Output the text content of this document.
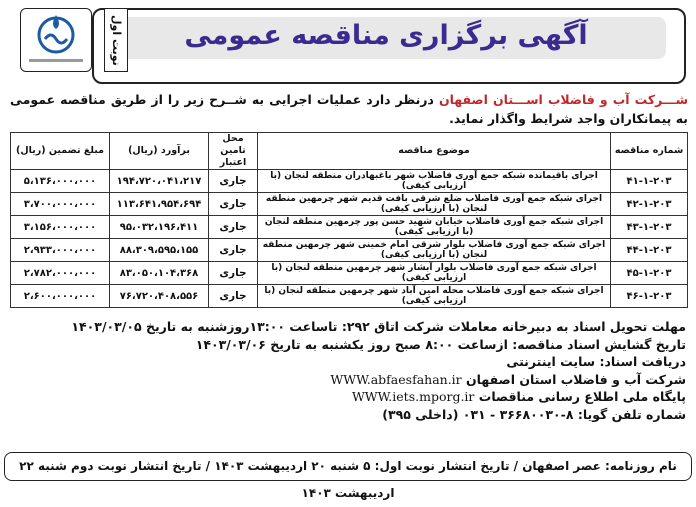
آگهی برگزاری مناقصه عمومی
نوبت اول
شـــرکت آب و فاضلاب اســـتان اصفهان درنظر دارد عملیات اجرایی به شــرح زیر را از طریق مناقصه عمومی به پیمانکاران واجد شرایط واگذار نماید.
شماره مناقصه	موضوع مناقصه	محل تامین اعتبار	برآورد (ریال)	مبلغ تضمین (ریال)
۴۱-۱-۲۰۳	اجرای باقیمانده شبکه جمع آوری فاضلاب شهر باغبهادران منطقه لنجان (با ارزیابی کیفی)	جاری	۱۹۴،۷۲۰،۰۴۱،۲۱۷	۵،۱۳۶،۰۰۰،۰۰۰
۴۲-۱-۲۰۳	اجرای شبکه جمع آوری فاضلاب ضلع شرقی بافت قدیم شهر چرمهین منطقه لنجان (با ارزیابی کیفی)	جاری	۱۱۳،۶۴۱،۹۵۴،۶۹۴	۳،۷۰۰،۰۰۰،۰۰۰
۴۳-۱-۲۰۳	اجرای شبکه جمع آوری فاضلاب خیابان شهید حسن پور چرمهین منطقه لنجان (با ارزیابی کیفی)	جاری	۹۵،۰۳۲،۱۹۶،۴۱۱	۳،۱۵۶،۰۰۰،۰۰۰
۴۴-۱-۲۰۳	اجرای شبکه جمع آوری فاضلاب بلوار شرقی امام خمینی شهر چرمهین منطقه لنجان (با ارزیابی کیفی)	جاری	۸۸،۳۰۹،۵۹۵،۱۵۵	۲،۹۳۳،۰۰۰،۰۰۰
۴۵-۱-۲۰۳	اجرای شبکه جمع آوری فاضلاب بلوار آبشار شهر چرمهین منطقه لنجان (با ارزیابی کیفی)	جاری	۸۳،۰۵۰،۱۰۴،۳۶۸	۲،۷۸۲،۰۰۰،۰۰۰
۴۶-۱-۲۰۳	اجرای شبکه جمع آوری فاضلاب محله امین آباد شهر چرمهین منطقه لنجان (با ارزیابی کیفی)	جاری	۷۶،۷۲۰،۴۰۸،۵۵۶	۲،۶۰۰،۰۰۰،۰۰۰
مهلت تحویل اسناد به دبیرخانه معاملات شرکت اتاق ۲۹۲: تاساعت ۱۳:۰۰روزشنبه به تاریخ ۱۴۰۳/۰۳/۰۵
تاریخ گشایش اسناد مناقصه: ازساعت ۸:۰۰ صبح روز یکشنبه به تاریخ ۱۴۰۳/۰۳/۰۶
دریافت اسناد: سایت اینترنتی
شرکت آب و فاضلاب استان اصفهان WWW.abfaesfahan.ir
پایگاه ملی اطلاع رسانی مناقصات WWW.iets.mporg.ir
شماره تلفن گویا: ۸-۳۶۶۸۰۰۳۰ - ۰۳۱ (داخلی ۳۹۵)
نام روزنامه: عصر اصفهان / تاریخ انتشار نوبت اول: ۵ شنبه ۲۰ اردیبهشت ۱۴۰۳ / تاریخ انتشار نوبت دوم شنبه ۲۲ اردیبهشت ۱۴۰۳
